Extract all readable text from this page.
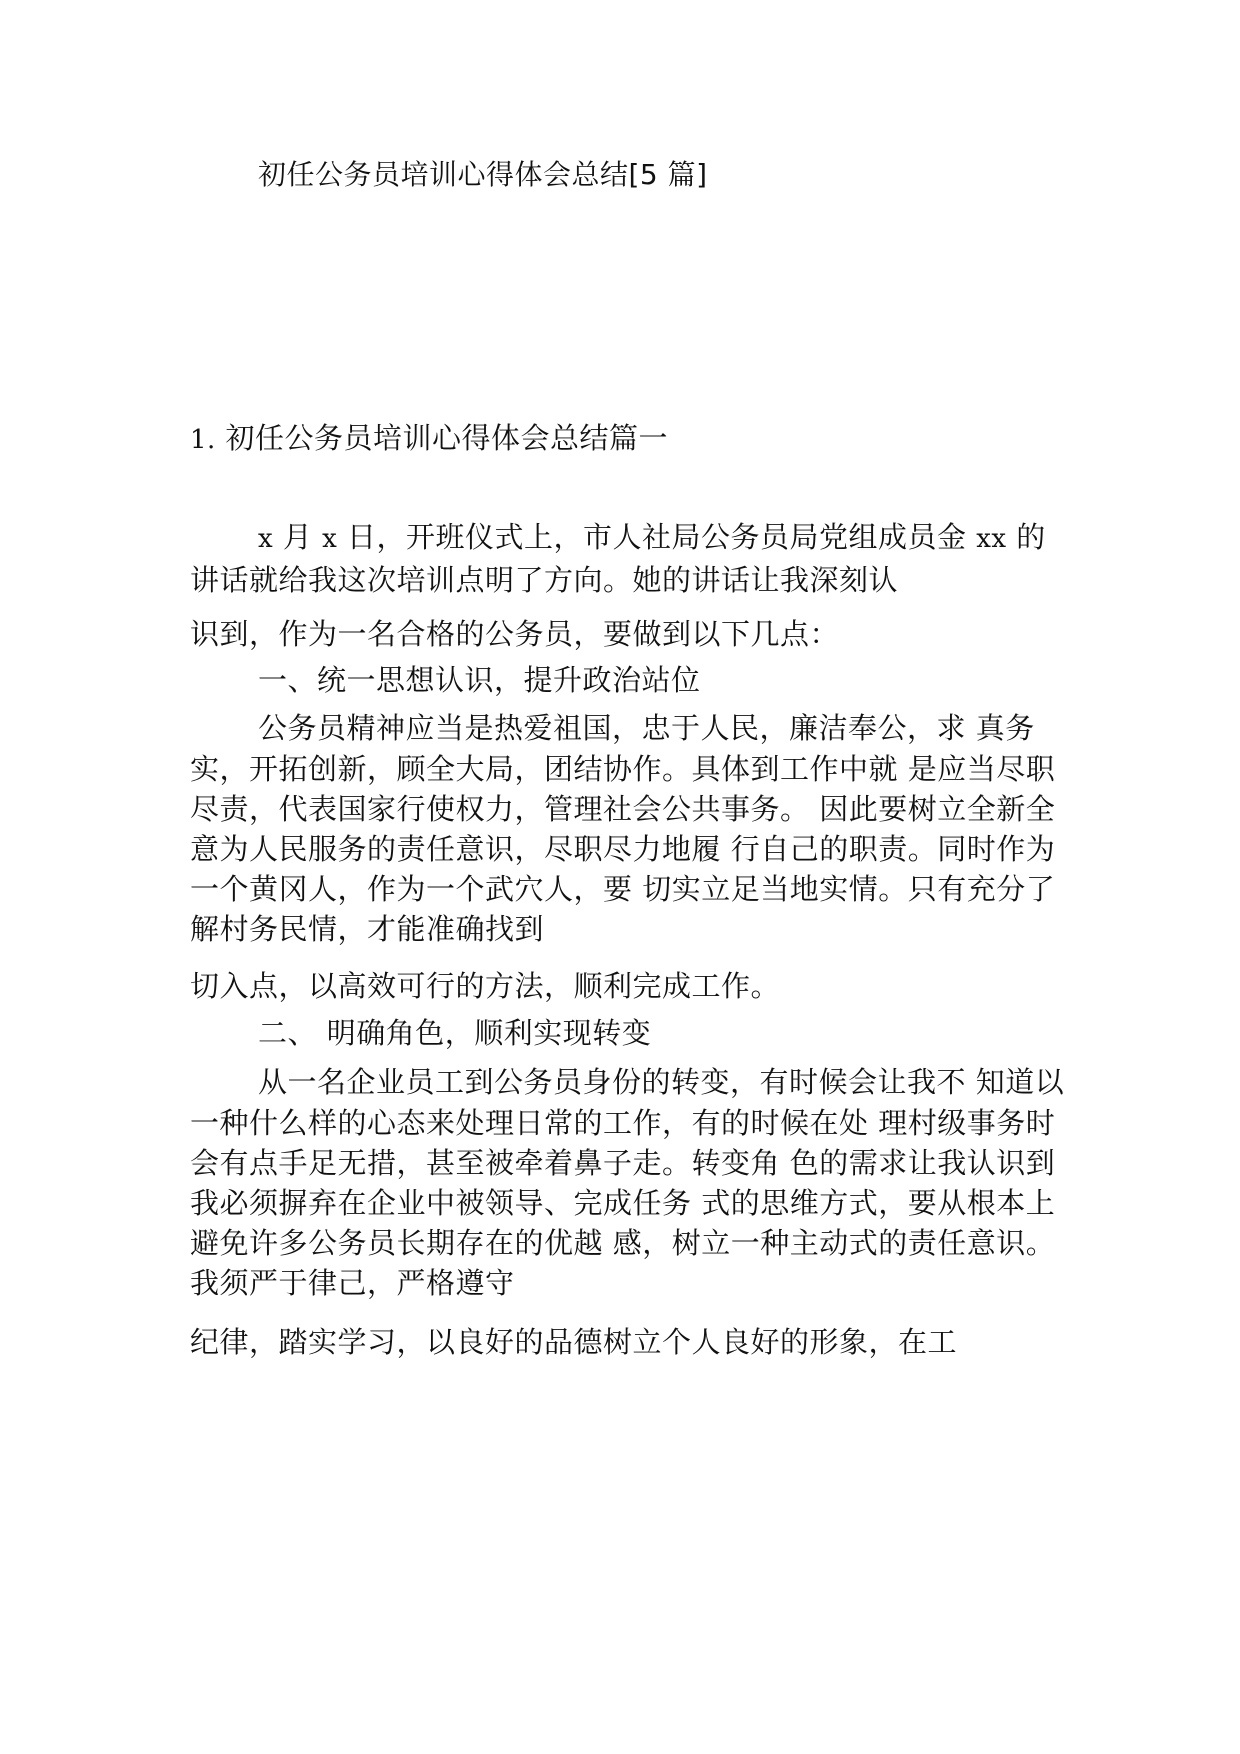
初任公务员培训心得体会总结[5 篇]
1. 初任公务员培训心得体会总结篇一
x 月 x 日，开班仪式上，市人社局公务员局党组成员金 xx 的
讲话就给我这次培训点明了方向。她的讲话让我深刻认
识到，作为一名合格的公务员，要做到以下几点：
一、统一思想认识，提升政治站位
公务员精神应当是热爱祖国，忠于人民，廉洁奉公，求 真务
实，开拓创新，顾全大局，团结协作。具体到工作中就 是应当尽职
尽责，代表国家行使权力，管理社会公共事务。 因此要树立全新全
意为人民服务的责任意识，尽职尽力地履 行自己的职责。同时作为
一个黄冈人，作为一个武穴人，要 切实立足当地实情。只有充分了
解村务民情，才能准确找到
切入点，以高效可行的方法，顺利完成工作。
二、 明确角色，顺利实现转变
从一名企业员工到公务员身份的转变，有时候会让我不 知道以
一种什么样的心态来处理日常的工作，有的时候在处 理村级事务时
会有点手足无措，甚至被牵着鼻子走。转变角 色的需求让我认识到
我必须摒弃在企业中被领导、完成任务 式的思维方式，要从根本上
避免许多公务员长期存在的优越 感，树立一种主动式的责任意识。
我须严于律己，严格遵守
纪律，踏实学习，以良好的品德树立个人良好的形象，在工
